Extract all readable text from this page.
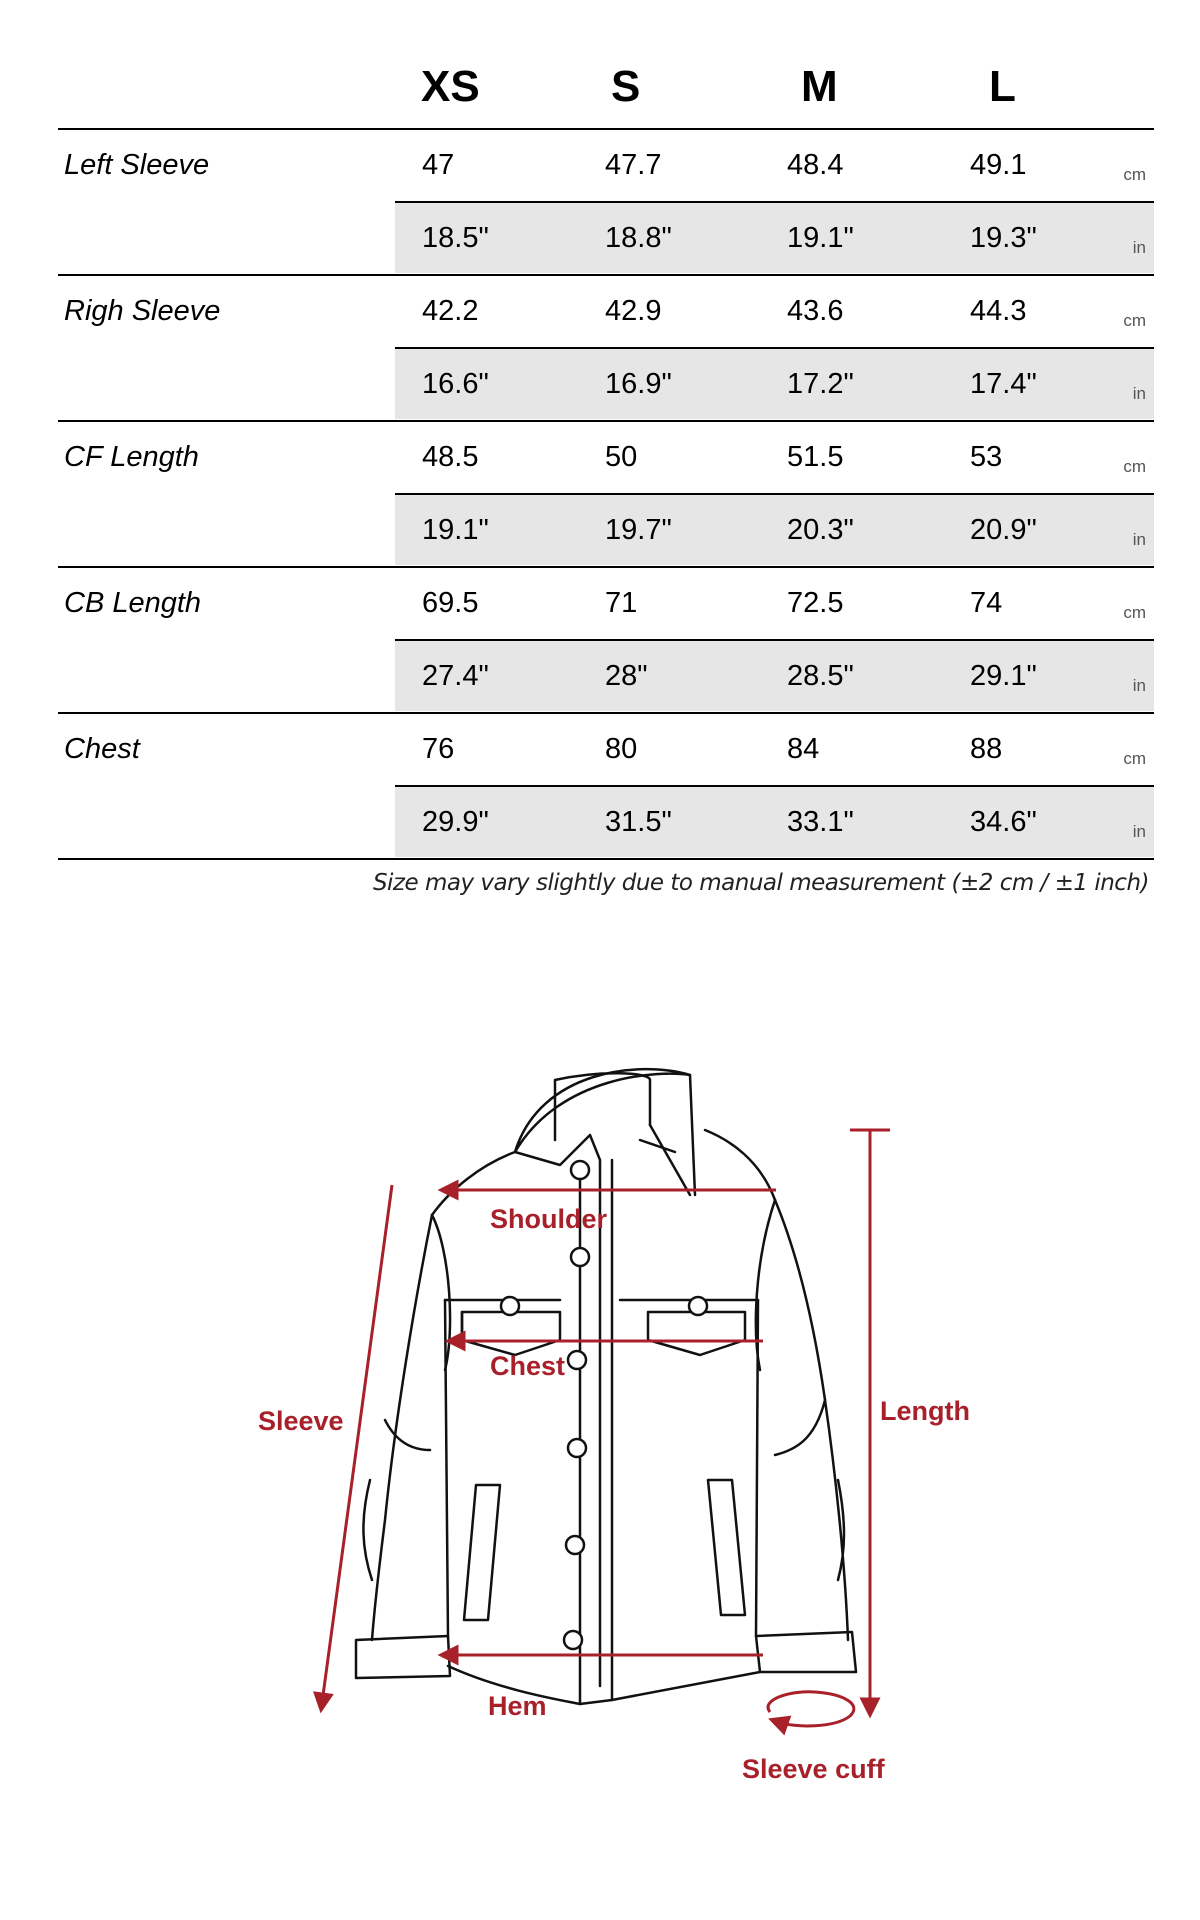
XS	S	M	L
Left Sleeve	47	47.7	48.4	49.1	cm
18.5"	18.8"	19.1"	19.3"	in
Righ Sleeve	42.2	42.9	43.6	44.3	cm
16.6"	16.9"	17.2"	17.4"	in
CF Length	48.5	50	51.5	53	cm
19.1"	19.7"	20.3"	20.9"	in
CB Length	69.5	71	72.5	74	cm
27.4"	28"	28.5"	29.1"	in
Chest	76	80	84	88	cm
29.9"	31.5"	33.1"	34.6"	in
Size may vary slightly due to manual measurement (±2 cm / ±1 inch)
Shoulder
Chest
Sleeve	Length
Hem
Sleeve cuff
